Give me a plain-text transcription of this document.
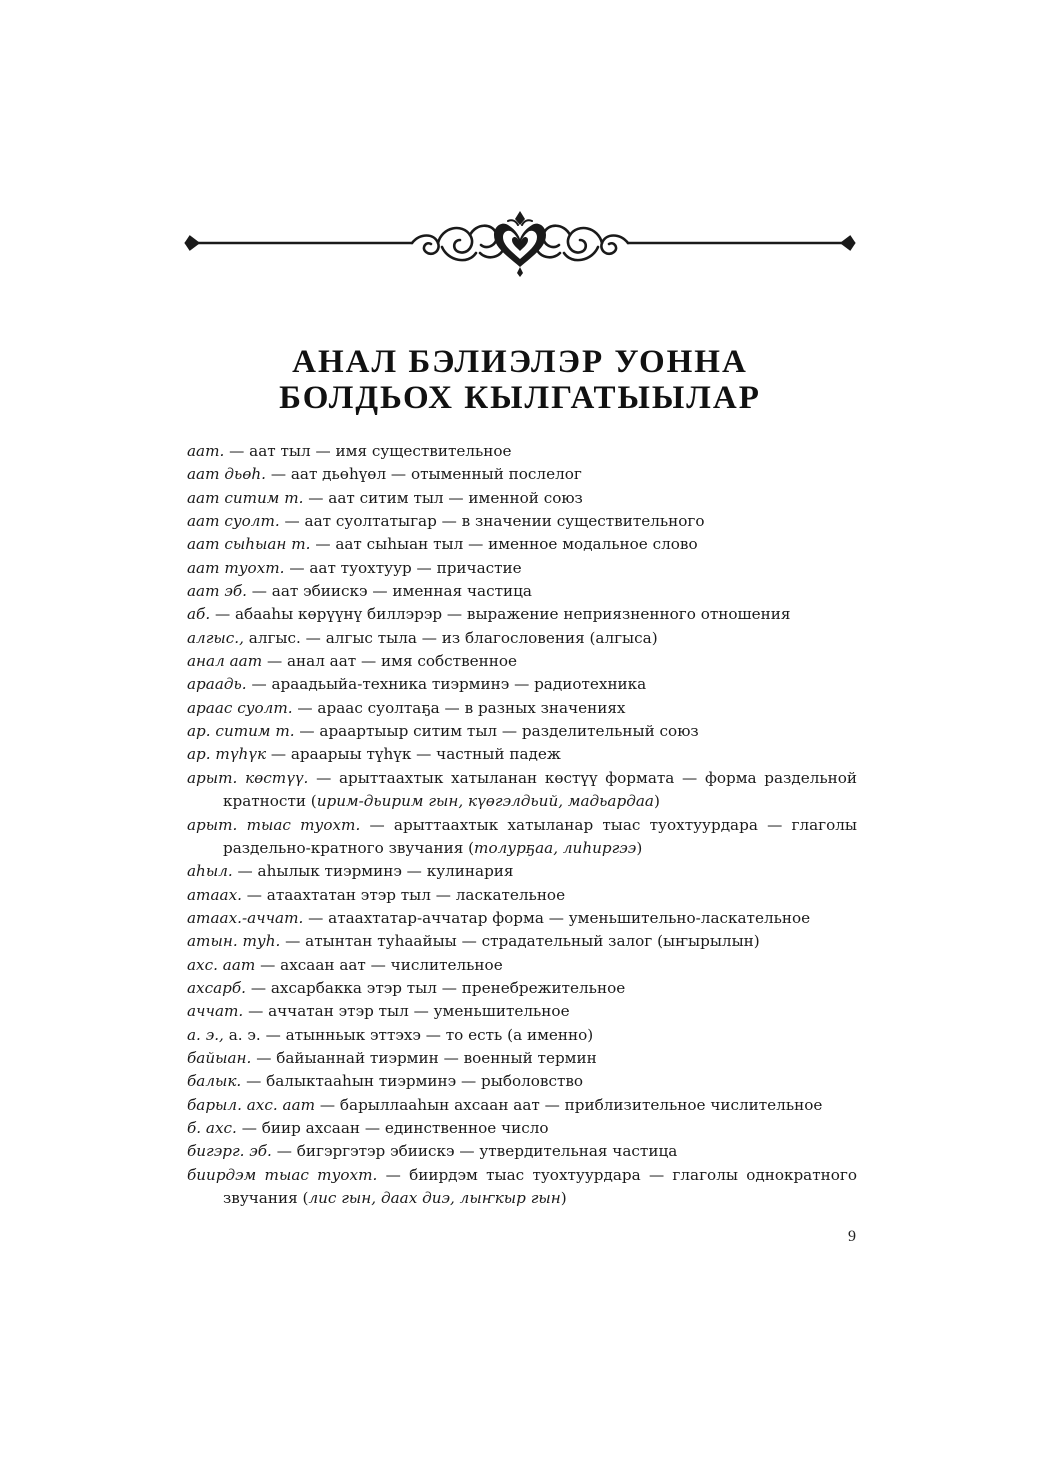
АНАЛ БЭЛИЭЛЭР УОННА
БОЛДЬОХ КЫЛГАТЫЫЛАР
аат. — аат тыл — имя существительное
аат дьөһ. — аат дьөһүөл — отыменный послелог
аат ситим т. — аат ситим тыл — именной союз
аат суолт. — аат суолтатыгар — в значении существительного
аат сыһыан т. — аат сыһыан тыл — именное модальное слово
аат туохт. — аат туохтуур — причастие
аат эб. — аат эбиискэ — именная частица
аб. — абааһы көрүүнү биллэрэр — выражение неприязненного отношения
алгыс., алгыс. — алгыс тыла — из благословения (алгыса)
анал аат — анал аат — имя собственное
араадь. — араадьыйа-техника тиэрминэ — радиотехника
араас суолт. — араас суолтаҕа — в разных значениях
ар. ситим т. — араартыыр ситим тыл — разделительный союз
ар. түһүк — араарыы түһүк — частный падеж
арыт. көстүү. — арыттаахтык хатыланан көстүү формата — форма раздельной кратности (ирим-дьирим гын, күөгэлдьий, мадьардаа)
арыт. тыас туохт. — арыттаахтык хатыланар тыас туохтуурдара — глаголы раздельно-кратного звучания (толурҕаа, лиһиргээ)
аһыл. — аһылык тиэрминэ — кулинария
атаах. — атаахтатан этэр тыл — ласкательное
атаах.-аччат. — атаахтатар-аччатар форма — уменьшительно-ласкательное
атын. туһ. — атынтан туһаайыы — страдательный залог (ыҥырылын)
ахс. аат — ахсаан аат — числительное
ахсарб. — ахсарбакка этэр тыл — пренебрежительное
аччат. — аччатан этэр тыл — уменьшительное
а. э., а. э. — атынньык эттэхэ — то есть (а именно)
байыан. — байыаннай тиэрмин — военный термин
балык. — балыктааһын тиэрминэ — рыболовство
барыл. ахс. аат — барыллааһын ахсаан аат — приблизительное числительное
б. ахс. — биир ахсаан — единственное число
бигэрг. эб. — бигэргэтэр эбиискэ — утвердительная частица
биирдэм тыас туохт. — биирдэм тыас туохтуурдара — глаголы однократного звучания (лис гын, даах диэ, лыҥкыр гын)
9
